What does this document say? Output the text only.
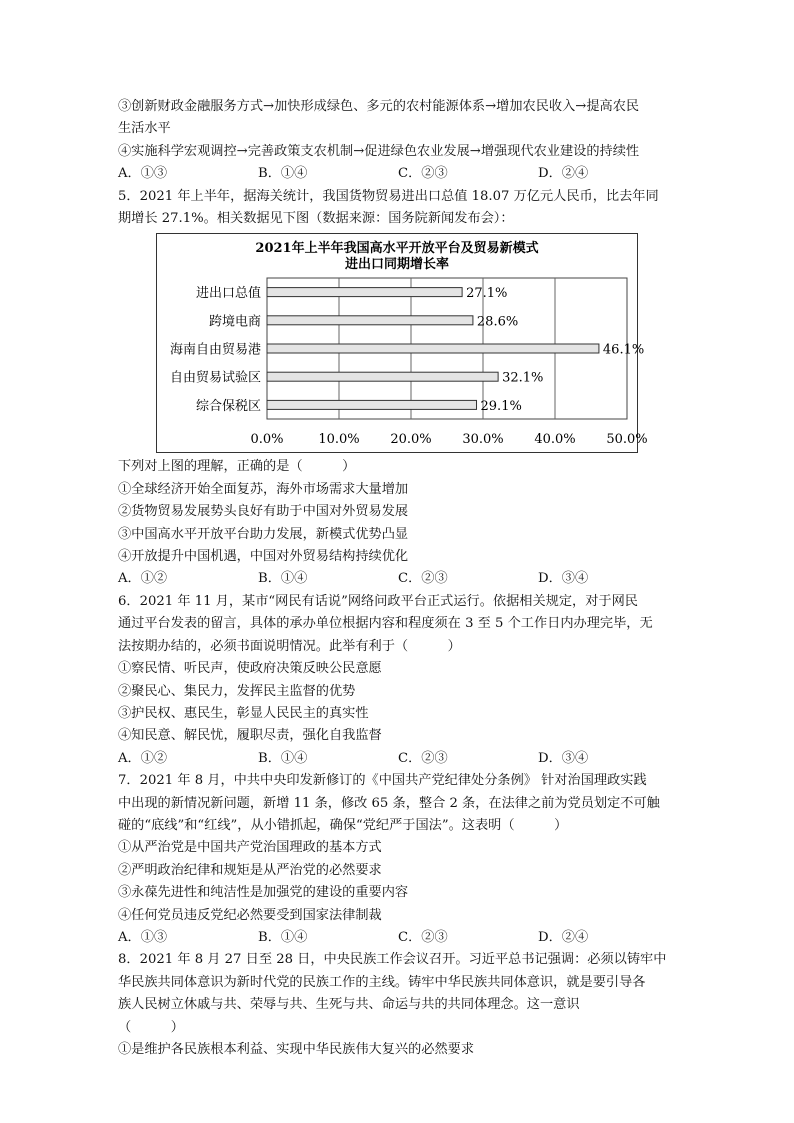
③创新财政金融服务方式→加快形成绿色、多元的农村能源体系→增加农民收入→提高农民
生活水平
④实施科学宏观调控→完善政策支农机制→促进绿色农业发展→增强现代农业建设的持续性
A．①③	B．①④	C．②③	D．②④
5．2021 年上半年，据海关统计，我国货物贸易进出口总值 18.07 万亿元人民币，比去年同
期增长 27.1%。相关数据见下图（数据来源：国务院新闻发布会）：
2021年上半年我国高水平开放平台及贸易新模式
进出口同期增长率
进出口总值
跨境电商
海南自由贸易港
自由贸易试验区
综合保税区
27.1%
28.6%
46.1%
32.1%
29.1%
0.0%	10.0% 20.0% 30.0% 40.0% 50.0%
下列对上图的理解，正确的是（　　　）
①全球经济开始全面复苏，海外市场需求大量增加
②货物贸易发展势头良好有助于中国对外贸易发展
③中国高水平开放平台助力发展，新模式优势凸显
④开放提升中国机遇，中国对外贸易结构持续优化
A．①②	B．①④	C．②③	D．③④
6．2021 年 11 月，某市“网民有话说”网络问政平台正式运行。依据相关规定，对于网民
通过平台发表的留言，具体的承办单位根据内容和程度须在 3 至 5 个工作日内办理完毕，无
法按期办结的，必须书面说明情况。此举有利于（　　　）
①察民情、听民声，使政府决策反映公民意愿
②聚民心、集民力，发挥民主监督的优势
③护民权、惠民生，彰显人民民主的真实性
④知民意、解民忧，履职尽责，强化自我监督
A．①②	B．①④	C．②③	D．③④
7．2021 年 8 月，中共中央印发新修订的《中国共产党纪律处分条例》 针对治国理政实践
中出现的新情况新问题，新增 11 条，修改 65 条，整合 2 条，在法律之前为党员划定不可触
碰的“底线”和“红线”，从小错抓起，确保“党纪严于国法”。这表明（　　　）
①从严治党是中国共产党治国理政的基本方式
②严明政治纪律和规矩是从严治党的必然要求
③永葆先进性和纯洁性是加强党的建设的重要内容
④任何党员违反党纪必然要受到国家法律制裁
A．①③	B．①④	C．②③	D．②④
8．2021 年 8 月 27 日至 28 日，中央民族工作会议召开。习近平总书记强调：必须以铸牢中
华民族共同体意识为新时代党的民族工作的主线。铸牢中华民族共同体意识，就是要引导各
族人民树立休戚与共、荣辱与共、生死与共、命运与共的共同体理念。这一意识
（　　　）
①是维护各民族根本利益、实现中华民族伟大复兴的必然要求
